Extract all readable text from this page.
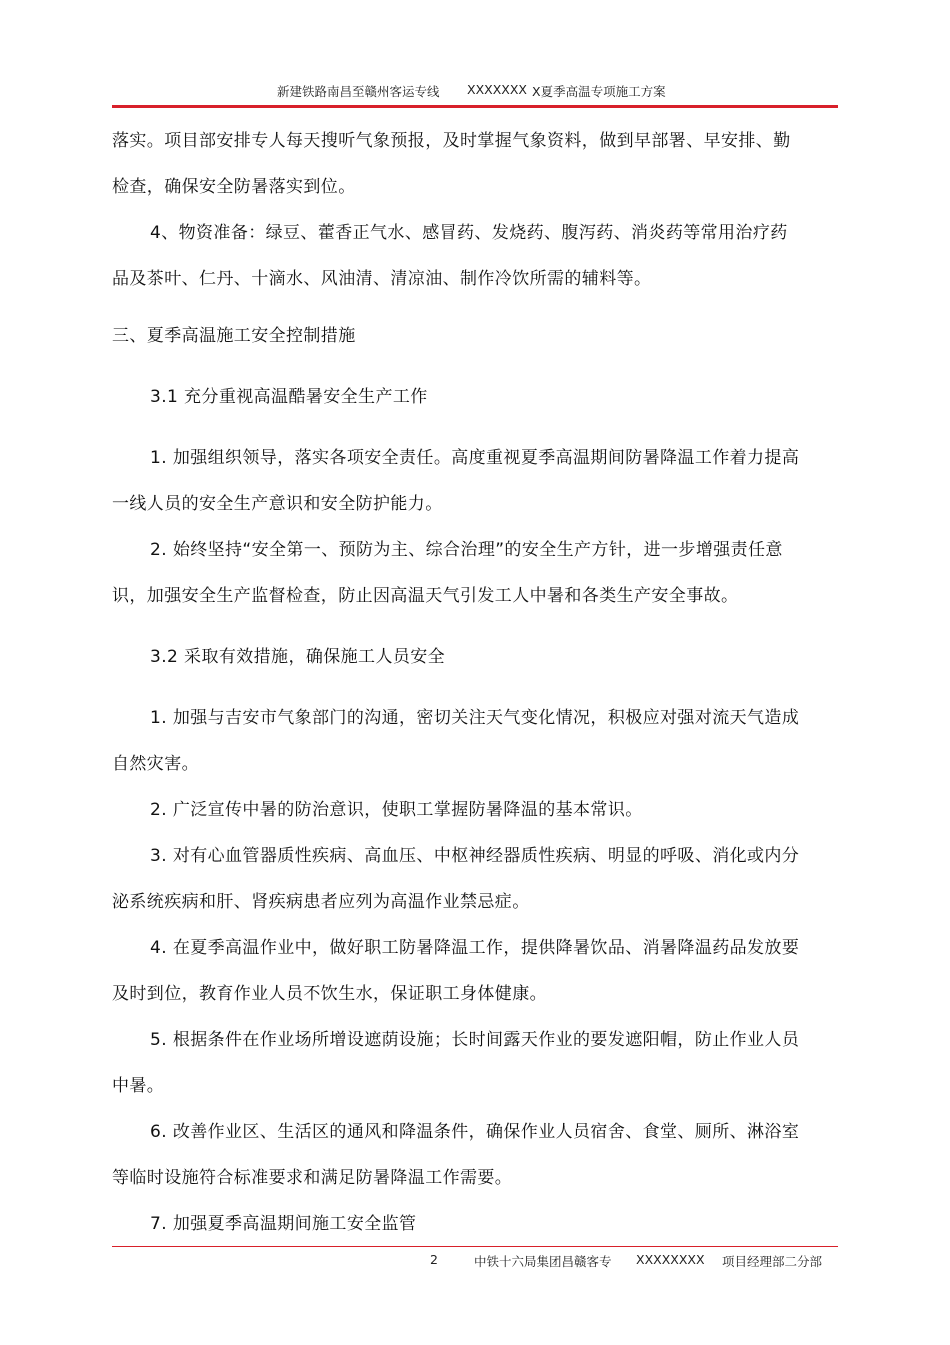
新建铁路南昌至赣州客运专线 XXXXXXX X夏季高温专项施工方案

落实。项目部安排专人每天搜听气象预报，及时掌握气象资料，做到早部署、早安排、勤检查，确保安全防暑落实到位。

4、物资准备：绿豆、藿香正气水、感冒药、发烧药、腹泻药、消炎药等常用治疗药品及茶叶、仁丹、十滴水、风油清、清凉油、制作冷饮所需的辅料等。

三、夏季高温施工安全控制措施

3.1 充分重视高温酷暑安全生产工作

1. 加强组织领导，落实各项安全责任。高度重视夏季高温期间防暑降温工作着力提高一线人员的安全生产意识和安全防护能力。

2. 始终坚持“安全第一、预防为主、综合治理”的安全生产方针，进一步增强责任意识，加强安全生产监督检查，防止因高温天气引发工人中暑和各类生产安全事故。

3.2 采取有效措施，确保施工人员安全

1. 加强与吉安市气象部门的沟通，密切关注天气变化情况，积极应对强对流天气造成自然灾害。

2. 广泛宣传中暑的防治意识，使职工掌握防暑降温的基本常识。

3. 对有心血管器质性疾病、高血压、中枢神经器质性疾病、明显的呼吸、消化或内分泌系统疾病和肝、肾疾病患者应列为高温作业禁忌症。

4. 在夏季高温作业中，做好职工防暑降温工作，提供降暑饮品、消暑降温药品发放要及时到位，教育作业人员不饮生水，保证职工身体健康。

5. 根据条件在作业场所增设遮荫设施；长时间露天作业的要发遮阳帽，防止作业人员中暑。

6. 改善作业区、生活区的通风和降温条件，确保作业人员宿舍、食堂、厕所、淋浴室等临时设施符合标准要求和满足防暑降温工作需要。

7. 加强夏季高温期间施工安全监管

2	中铁十六局集团昌赣客专 XXXXXXXX 项目经理部二分部
